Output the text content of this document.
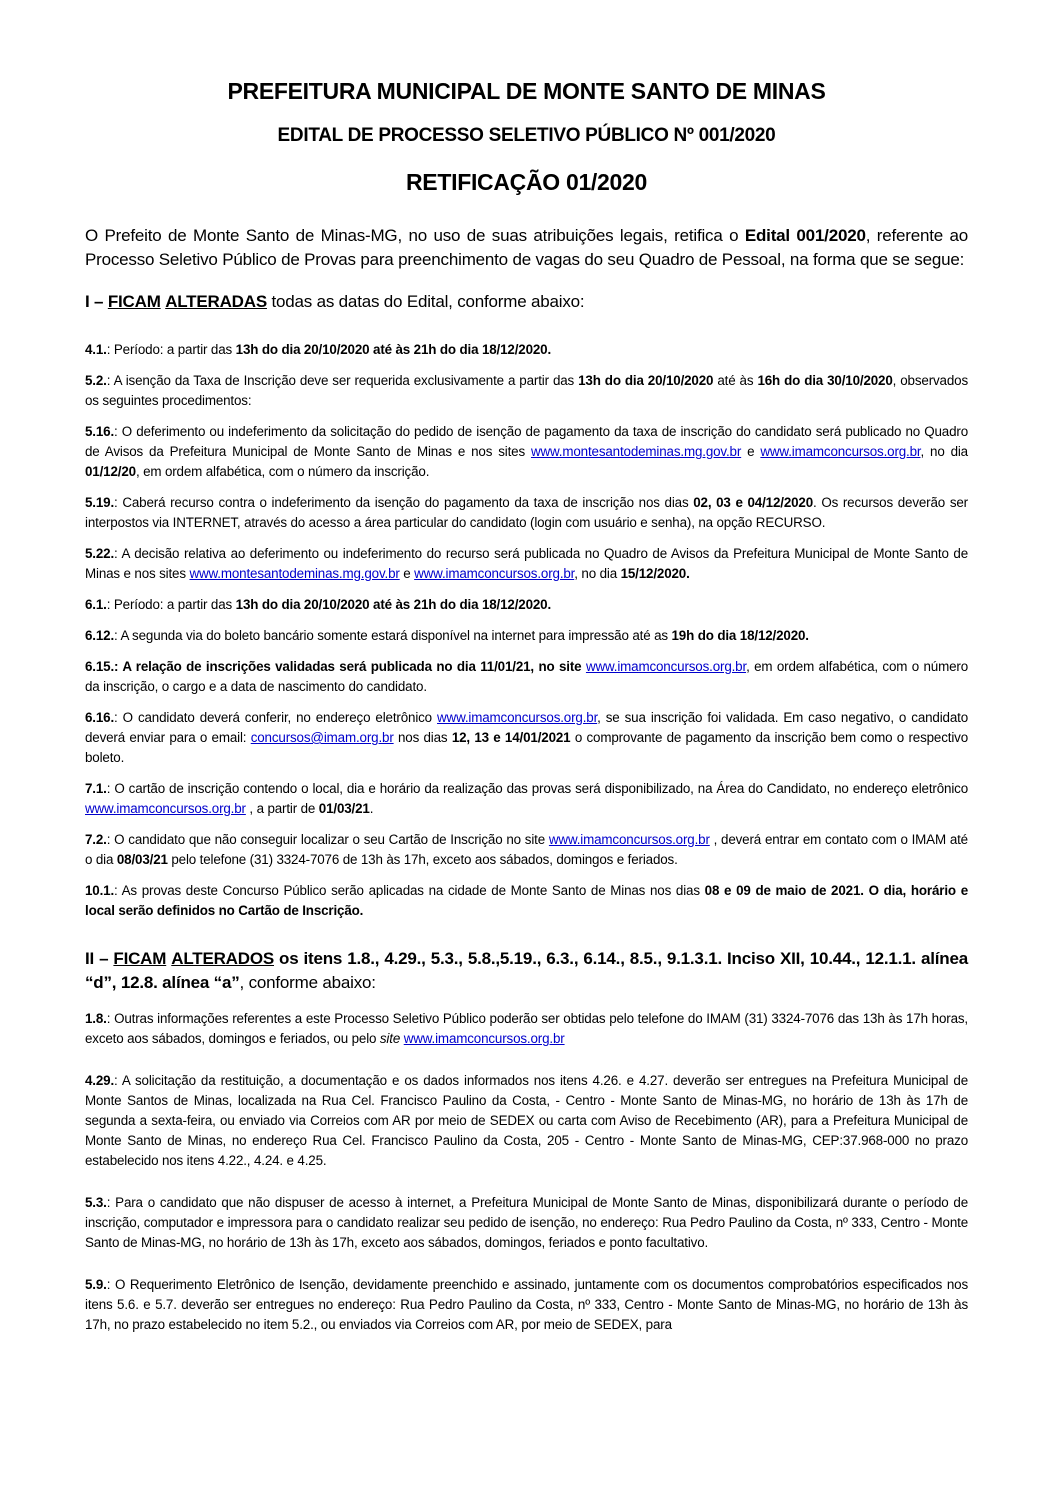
PREFEITURA MUNICIPAL DE MONTE SANTO DE MINAS
EDITAL DE PROCESSO SELETIVO PÚBLICO Nº 001/2020
RETIFICAÇÃO 01/2020

O Prefeito de Monte Santo de Minas-MG, no uso de suas atribuições legais, retifica o Edital 001/2020, referente ao Processo Seletivo Público de Provas para preenchimento de vagas do seu Quadro de Pessoal, na forma que se segue:

I – FICAM ALTERADAS todas as datas do Edital, conforme abaixo:

4.1.: Período: a partir das 13h do dia 20/10/2020 até às 21h do dia 18/12/2020.

5.2.: A isenção da Taxa de Inscrição deve ser requerida exclusivamente a partir das 13h do dia 20/10/2020 até às 16h do dia 30/10/2020, observados os seguintes procedimentos:

5.16.: O deferimento ou indeferimento da solicitação do pedido de isenção de pagamento da taxa de inscrição do candidato será publicado no Quadro de Avisos da Prefeitura Municipal de Monte Santo de Minas e nos sites www.montesantodeminas.mg.gov.br e www.imamconcursos.org.br, no dia 01/12/20, em ordem alfabética, com o número da inscrição.

5.19.: Caberá recurso contra o indeferimento da isenção do pagamento da taxa de inscrição nos dias 02, 03 e 04/12/2020. Os recursos deverão ser interpostos via INTERNET, através do acesso a área particular do candidato (login com usuário e senha), na opção RECURSO.

5.22.: A decisão relativa ao deferimento ou indeferimento do recurso será publicada no Quadro de Avisos da Prefeitura Municipal de Monte Santo de Minas e nos sites www.montesantodeminas.mg.gov.br e www.imamconcursos.org.br, no dia 15/12/2020.

6.1.: Período: a partir das 13h do dia 20/10/2020 até às 21h do dia 18/12/2020.

6.12.: A segunda via do boleto bancário somente estará disponível na internet para impressão até as 19h do dia 18/12/2020.

6.15.: A relação de inscrições validadas será publicada no dia 11/01/21, no site www.imamconcursos.org.br, em ordem alfabética, com o número da inscrição, o cargo e a data de nascimento do candidato.

6.16.: O candidato deverá conferir, no endereço eletrônico www.imamconcursos.org.br, se sua inscrição foi validada. Em caso negativo, o candidato deverá enviar para o email: concursos@imam.org.br nos dias 12, 13 e 14/01/2021 o comprovante de pagamento da inscrição bem como o respectivo boleto.

7.1.: O cartão de inscrição contendo o local, dia e horário da realização das provas será disponibilizado, na Área do Candidato, no endereço eletrônico www.imamconcursos.org.br , a partir de 01/03/21.

7.2.: O candidato que não conseguir localizar o seu Cartão de Inscrição no site www.imamconcursos.org.br , deverá entrar em contato com o IMAM até o dia 08/03/21 pelo telefone (31) 3324-7076 de 13h às 17h, exceto aos sábados, domingos e feriados.

10.1.: As provas deste Concurso Público serão aplicadas na cidade de Monte Santo de Minas nos dias 08 e 09 de maio de 2021. O dia, horário e local serão definidos no Cartão de Inscrição.

II – FICAM ALTERADOS os itens 1.8., 4.29., 5.3., 5.8.,5.19., 6.3., 6.14., 8.5., 9.1.3.1. Inciso XII, 10.44., 12.1.1. alínea “d”, 12.8. alínea “a”, conforme abaixo:

1.8.: Outras informações referentes a este Processo Seletivo Público poderão ser obtidas pelo telefone do IMAM (31) 3324-7076 das 13h às 17h horas, exceto aos sábados, domingos e feriados, ou pelo site www.imamconcursos.org.br

4.29.: A solicitação da restituição, a documentação e os dados informados nos itens 4.26. e 4.27. deverão ser entregues na Prefeitura Municipal de Monte Santos de Minas, localizada na Rua Cel. Francisco Paulino da Costa, - Centro - Monte Santo de Minas-MG, no horário de 13h às 17h de segunda a sexta-feira, ou enviado via Correios com AR por meio de SEDEX ou carta com Aviso de Recebimento (AR), para a Prefeitura Municipal de Monte Santo de Minas, no endereço Rua Cel. Francisco Paulino da Costa, 205 - Centro - Monte Santo de Minas-MG, CEP:37.968-000 no prazo estabelecido nos itens 4.22., 4.24. e 4.25.

5.3.: Para o candidato que não dispuser de acesso à internet, a Prefeitura Municipal de Monte Santo de Minas, disponibilizará durante o período de inscrição, computador e impressora para o candidato realizar seu pedido de isenção, no endereço: Rua Pedro Paulino da Costa, nº 333, Centro - Monte Santo de Minas-MG, no horário de 13h às 17h, exceto aos sábados, domingos, feriados e ponto facultativo.

5.9.: O Requerimento Eletrônico de Isenção, devidamente preenchido e assinado, juntamente com os documentos comprobatórios especificados nos itens 5.6. e 5.7. deverão ser entregues no endereço: Rua Pedro Paulino da Costa, nº 333, Centro - Monte Santo de Minas-MG, no horário de 13h às 17h, no prazo estabelecido no item 5.2., ou enviados via Correios com AR, por meio de SEDEX, para
